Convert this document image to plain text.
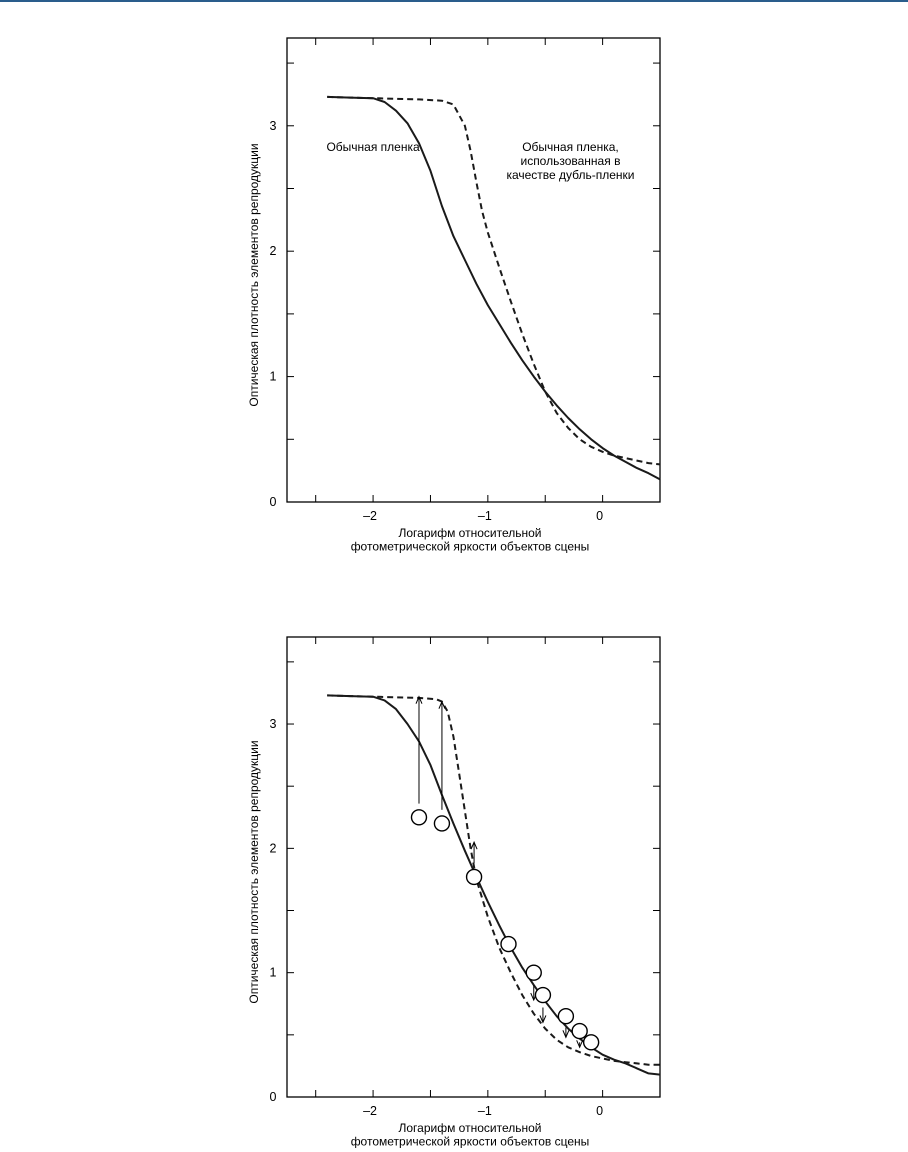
–2	–1	0
0
1
2
3
Логарифм относительной
фотометрической яркости объектов сцены
Оптическая плотность элементов репродукции	Обычная пленка	Обычная пленка,
использованная в
качестве дубль-пленки
–2	–1	0
0
1
2
3
Логарифм относительной
фотометрической яркости объектов сцены
Оптическая плотность элементов репродукции
